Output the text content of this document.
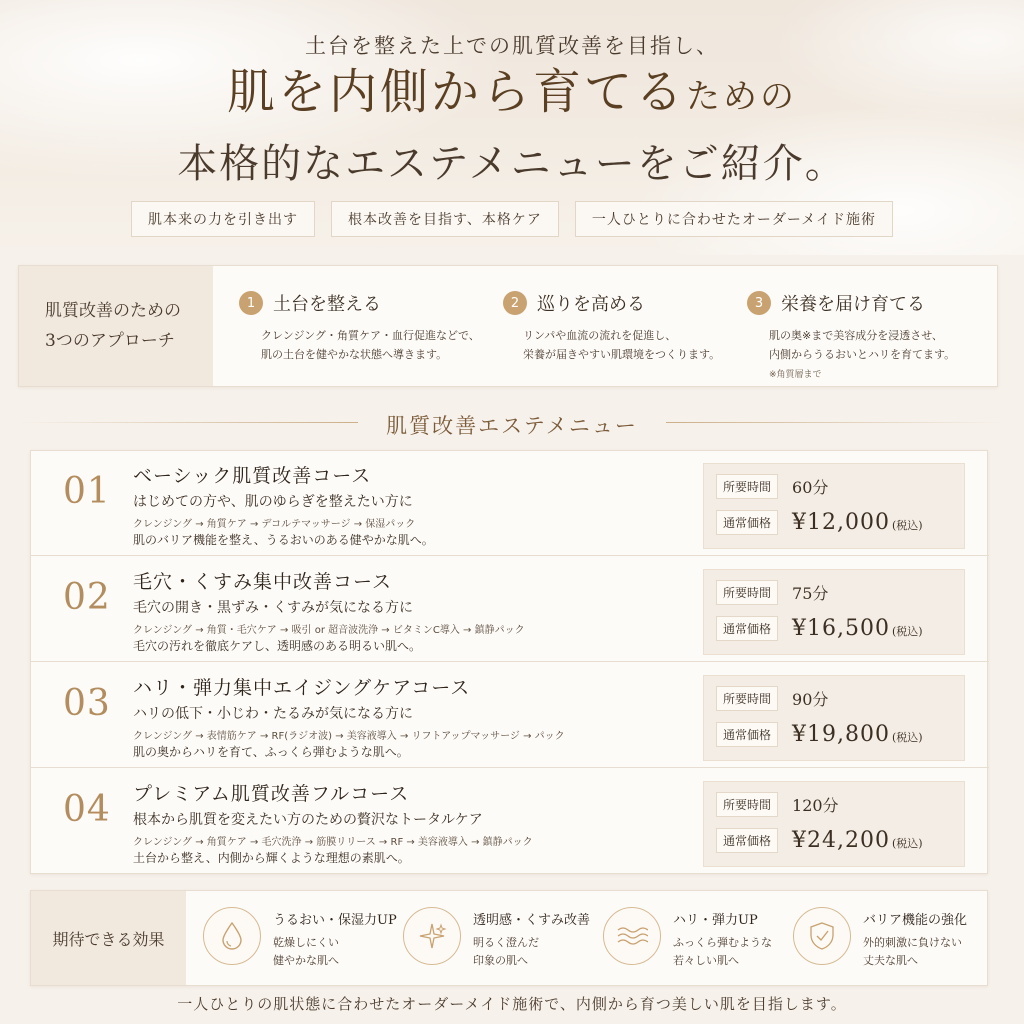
土台を整えた上での肌質改善を目指し、
肌を内側から育てるための
本格的なエステメニューをご紹介。
肌本来の力を引き出す	根本改善を目指す、本格ケア	一人ひとりに合わせたオーダーメイド施術
肌質改善のための
3つのアプローチ
1 土台を整える
クレンジング・角質ケア・血行促進などで、
肌の土台を健やかな状態へ導きます。
2 巡りを高める
リンパや血流の流れを促進し、
栄養が届きやすい肌環境をつくります。
3 栄養を届け育てる
肌の奥※まで美容成分を浸透させ、
内側からうるおいとハリを育てます。
※角質層まで
肌質改善エステメニュー
01 ベーシック肌質改善コース
はじめての方や、肌のゆらぎを整えたい方に
クレンジング → 角質ケア → デコルテマッサージ → 保湿パック
肌のバリア機能を整え、うるおいのある健やかな肌へ。
所要時間	60分
通常価格 ¥12,000 (税込)
02 毛穴・くすみ集中改善コース
毛穴の開き・黒ずみ・くすみが気になる方に
クレンジング → 角質・毛穴ケア → 吸引 or 超音波洗浄 → ビタミンC導入 → 鎮静パック
毛穴の汚れを徹底ケアし、透明感のある明るい肌へ。
所要時間	75分
通常価格 ¥16,500 (税込)
03 ハリ・弾力集中エイジングケアコース
ハリの低下・小じわ・たるみが気になる方に
クレンジング → 表情筋ケア → RF(ラジオ波) → 美容液導入 → リフトアップマッサージ → パック
肌の奥からハリを育て、ふっくら弾むような肌へ。
所要時間	90分
通常価格 ¥19,800 (税込)
04 プレミアム肌質改善フルコース
根本から肌質を変えたい方のための贅沢なトータルケア
クレンジング → 角質ケア → 毛穴洗浄 → 筋膜リリース → RF → 美容液導入 → 鎮静パック
土台から整え、内側から輝くような理想の素肌へ。
所要時間	120分
通常価格 ¥24,200 (税込)
期待できる効果
うるおい・保湿力UP
乾燥しにくい
健やかな肌へ
透明感・くすみ改善
明るく澄んだ
印象の肌へ
ハリ・弾力UP
ふっくら弾むような
若々しい肌へ
バリア機能の強化
外的刺激に負けない
丈夫な肌へ
一人ひとりの肌状態に合わせたオーダーメイド施術で、内側から育つ美しい肌を目指します。
